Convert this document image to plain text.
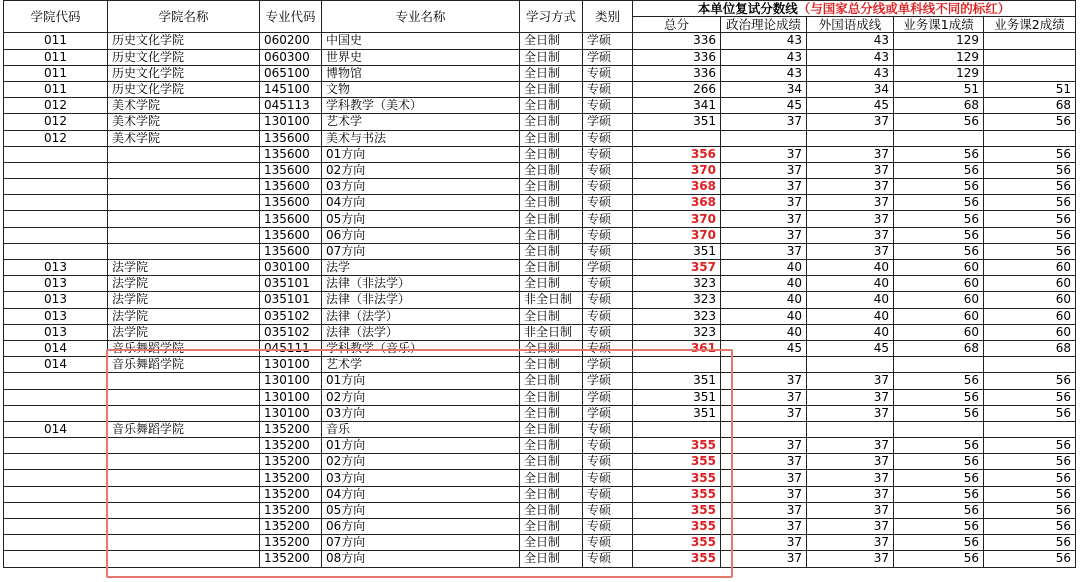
学院代码	学院名称	专业代码	专业名称	学习方式	类别	本单位复试分数线（与国家总分线或单科线不同的标红）				
						总分	政治理论成绩	外国语成线	业务课1成绩	业务课2成绩
011	历史文化学院	060200	中国史	全日制	学硕	336	43	43	129	
011	历史文化学院	060300	世界史	全日制	学硕	336	43	43	129	
011	历史文化学院	065100	博物馆	全日制	专硕	336	43	43	129	
011	历史文化学院	145100	文物	全日制	专硕	266	34	34	51	51
012	美术学院	045113	学科教学（美术）	全日制	专硕	341	45	45	68	68
012	美术学院	130100	艺术学	全日制	学硕	351	37	37	56	56
012	美术学院	135600	美术与书法	全日制	专硕					
		135600	01方向	全日制	专硕	356	37	37	56	56
		135600	02方向	全日制	专硕	370	37	37	56	56
		135600	03方向	全日制	专硕	368	37	37	56	56
		135600	04方向	全日制	专硕	368	37	37	56	56
		135600	05方向	全日制	专硕	370	37	37	56	56
		135600	06方向	全日制	专硕	370	37	37	56	56
		135600	07方向	全日制	专硕	351	37	37	56	56
013	法学院	030100	法学	全日制	学硕	357	40	40	60	60
013	法学院	035101	法律（非法学）	全日制	专硕	323	40	40	60	60
013	法学院	035101	法律（非法学）	非全日制	专硕	323	40	40	60	60
013	法学院	035102	法律（法学）	全日制	专硕	323	40	40	60	60
013	法学院	035102	法律（法学）	非全日制	专硕	323	40	40	60	60
014	音乐舞蹈学院	045111	学科教学（音乐）	全日制	专硕	361	45	45	68	68
014	音乐舞蹈学院	130100	艺术学	全日制	学硕					
		130100	01方向	全日制	学硕	351	37	37	56	56
		130100	02方向	全日制	学硕	351	37	37	56	56
		130100	03方向	全日制	学硕	351	37	37	56	56
014	音乐舞蹈学院	135200	音乐	全日制	专硕					
		135200	01方向	全日制	专硕	355	37	37	56	56
		135200	02方向	全日制	专硕	355	37	37	56	56
		135200	03方向	全日制	专硕	355	37	37	56	56
		135200	04方向	全日制	专硕	355	37	37	56	56
		135200	05方向	全日制	专硕	355	37	37	56	56
		135200	06方向	全日制	专硕	355	37	37	56	56
		135200	07方向	全日制	专硕	355	37	37	56	56
		135200	08方向	全日制	专硕	355	37	37	56	56
